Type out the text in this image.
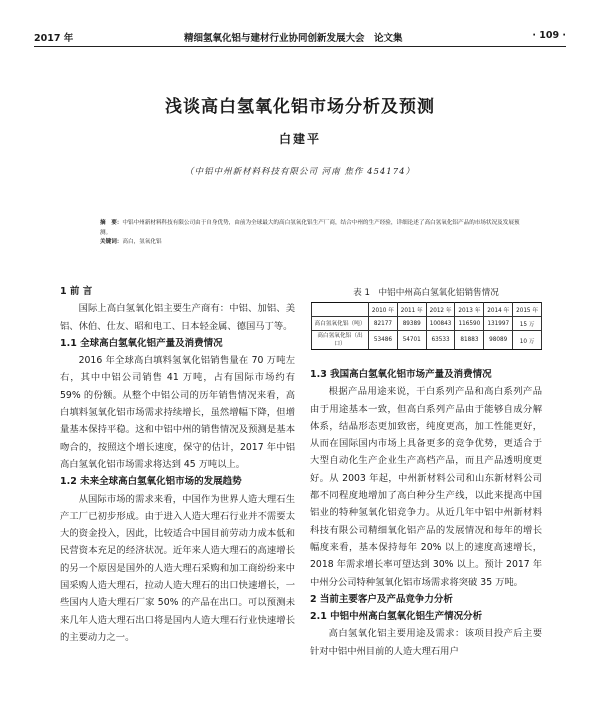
2017 年	精细氢氧化铝与建材行业协同创新发展大会　论文集	· 109 ·
浅谈高白氢氧化铝市场分析及预测
白建平
（中铝中州新材料科技有限公司 河南 焦作 454174）
摘　要：中铝中州新材料科技有限公司由于自身优势，由前为全球最大的高白氢氧化铝生产厂商，结合中州的生产经验，详细论述了高白氢氧化铝产品的市场状况及发展预测。
关键词：高白，氢氧化铝

1 前 言

国际上高白氢氧化铝主要生产商有：中铝、加铝、美铝、休伯、仕友、昭和电工、日本轻金属、德国马丁等。

1.1 全球高白氢氧化铝产量及消费情况

2016 年全球高白填料氢氧化铝销售量在 70 万吨左右，其中中铝公司销售 41 万吨，占有国际市场约有 59% 的份额。从整个中铝公司的历年销售情况来看，高白填料氢氧化铝市场需求持续增长，虽然增幅下降，但增量基本保持平稳。这和中铝中州的销售情况及预测是基本吻合的，按照这个增长速度，保守的估计，2017 年中铝高白氢氧化铝市场需求将达到 45 万吨以上。

1.2 未来全球高白氢氧化铝市场的发展趋势

从国际市场的需求来看，中国作为世界人造大理石生产工厂已初步形成。由于进入人造大理石行业并不需要太大的资金投入，因此，比较适合中国目前劳动力成本低和民营资本充足的经济状况。近年来人造大理石的高速增长的另一个原因是国外的人造大理石采购和加工商纷纷来中国采购人造大理石，拉动人造大理石的出口快速增长，一些国内人造大理石厂家 50% 的产品在出口。可以预测未来几年人造大理石出口将是国内人造大理石行业快速增长的主要动力之一。

表 1　中铝中州高白氢氧化铝销售情况
	2010 年	2011 年	2012 年	2013 年	2014 年	2015 年
高白氢氧化铝（吨）	82177	89389	100843	116590	131997	15 万
高白氢氧化铝（出口）	53486	54701	63533	81883	98089	10 万

1.3 我国高白氢氧化铝市场产量及消费情况

根据产品用途来说，干白系列产品和高白系列产品由于用途基本一致，但高白系列产品由于能够自成分解体系，结晶形态更加致密，纯度更高，加工性能更好，从而在国际国内市场上具备更多的竞争优势，更适合于大型自动化生产企业生产高档产品，而且产品透明度更好。从 2003 年起，中州新材料公司和山东新材料公司都不同程度地增加了高白种分生产线，以此来提高中国铝业的特种氢氧化铝竞争力。从近几年中铝中州新材料科技有限公司精细氧化铝产品的发展情况和每年的增长幅度来看，基本保持每年 20% 以上的速度高速增长，2018 年需求增长率可望达到 30% 以上。预计 2017 年中州分公司特种氢氧化铝市场需求将突破 35 万吨。

2 当前主要客户及产品竞争力分析

2.1 中铝中州高白氢氧化铝生产情况分析

高白氢氧化铝主要用途及需求：该项目投产后主要针对中铝中州目前的人造大理石用户
